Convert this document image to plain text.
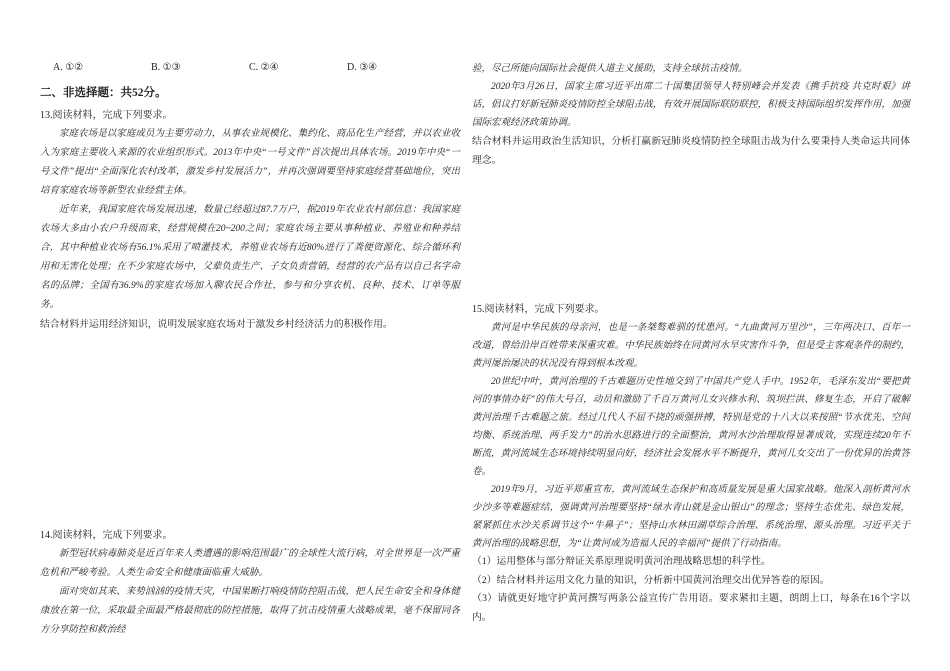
A. ①②	B. ①③	C. ②④	D. ③④
二、非选择题：共52分。
13.阅读材料，完成下列要求。

家庭农场是以家庭成员为主要劳动力，从事农业规模化、集约化、商品化生产经营，并以农业收入为家庭主要收入来源的农业组织形式。2013年中央“一号文件”首次提出具体农场。2019年中央“一号文件”提出“全面深化农村改革，激发乡村发展活力”，并再次强调要坚持家庭经营基础地位，突出培育家庭农场等新型农业经营主体。

近年来，我国家庭农场发展迅速，数量已经超过87.7万户，据2019年农业农村部信息：我国家庭农场大多由小农户升级而来，经营规模在20~200之间；家庭农场主要从事种植业、养殖业和种养结合，其中种植业农场有56.1%采用了喷灌技术，养殖业农场有近80%进行了粪便资源化、综合循环利用和无害化处理；在不少家庭农场中，父辈负责生产、子女负责营销，经营的农产品有以自己名字命名的品牌；全国有36.9%的家庭农场加入聊农民合作社，参与和分享农机、良种、技术、订单等服务。

结合材料并运用经济知识，说明发展家庭农场对于激发乡村经济活力的积极作用。

14.阅读材料，完成下列要求。

新型冠状病毒肺炎是近百年来人类遭遇的影响范围最广的全球性大流行病，对全世界是一次严重危机和严峻考验。人类生命安全和健康面临重大威胁。

面对突如其来、来势汹汹的疫情天灾，中国果断打响疫情防控阻击战，把人民生命安全和身体健康放在第一位，采取最全面最严格最彻底的防控措施，取得了抗击疫情重大战略成果，毫不保留同各方分享防控和救治经

验，尽己所能向国际社会提供人道主义援助，支持全球抗击疫情。

2020年3月26日，国家主席习近平出席二十国集团领导人特别峰会并发表《携手抗疫 共克时艰》讲话，倡议打好新冠肺炎疫情防控全球阻击战，有效开展国际联防联控，积极支持国际组织发挥作用，加强国际宏观经济政策协调。

结合材料并运用政治生活知识，分析打赢新冠肺炎疫情防控全球阻击战为什么要秉持人类命运共同体理念。

15.阅读材料，完成下列要求。

黄河是中华民族的母亲河，也是一条桀骜难驯的忧患河。“九曲黄河万里沙”，三年两决口、百年一改道，曾给沿岸百姓带来深重灾难。中华民族始终在同黄河水旱灾害作斗争，但是受主客观条件的制约，黄河屡治屡决的状况没有得到根本改观。

20世纪中叶，黄河治理的千古难题历史性地交到了中国共产党人手中。1952年，毛泽东发出“要把黄河的事情办好”的伟大号召，动员和激励了千百万黄河儿女兴修水利、筑坝拦洪、修复生态，开启了破解黄河治理千古难题之旅。经过几代人不屈不挠的顽强拼搏，特别是党的十八大以来按照“节水优先、空间均衡、系统治理、两手发力”的治水思路进行的全面整治，黄河水沙治理取得显著成效，实现连续20年不断流，黄河流域生态环境持续明显向好，经济社会发展水平不断提升，黄河儿女交出了一份优异的治黄答卷。

2019年9月，习近平郑重宣布，黄河流域生态保护和高质量发展是重大国家战略。他深入剖析黄河水少沙多等难题症结，强调黄河治理要坚持“绿水青山就是金山银山”的理念；坚持生态优先、绿色发展，紧紧抓住水沙关系调节这个“牛鼻子”；坚持山水林田湖草综合治理、系统治理、源头治理。习近平关于黄河治理的战略思想，为“让黄河成为造福人民的幸福河”提供了行动指南。

（1）运用整体与部分辩证关系原理说明黄河治理战略思想的科学性。

（2）结合材料并运用文化力量的知识，分析新中国黄河治理交出优异答卷的原因。

（3）请就更好地守护黄河撰写两条公益宣传广告用语。要求紧扣主题，朗朗上口，每条在16个字以内。
